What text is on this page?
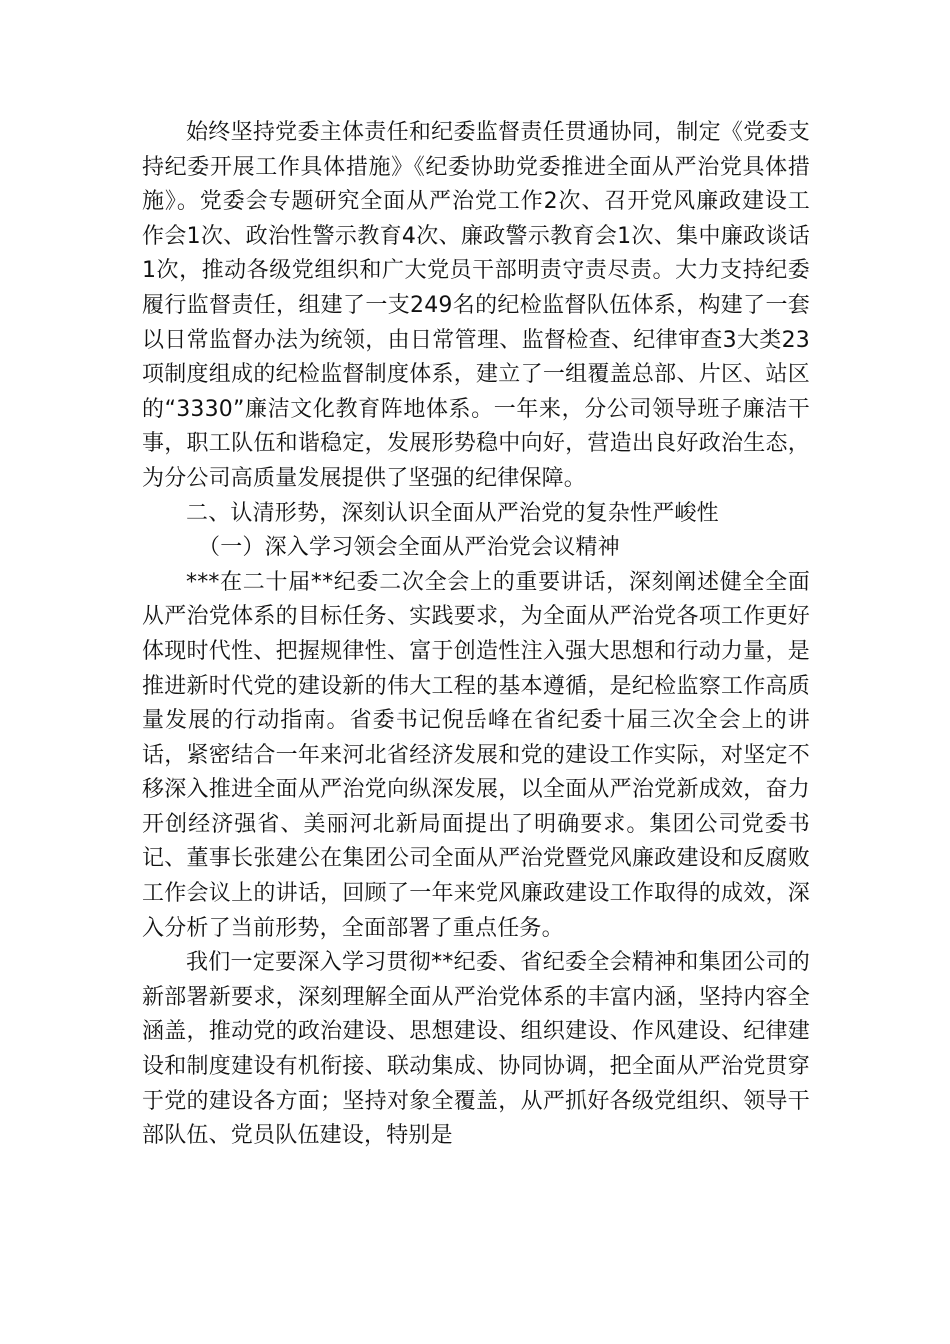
始终坚持党委主体责任和纪委监督责任贯通协同，制定《党委支持纪委开展工作具体措施》《纪委协助党委推进全面从严治党具体措施》。党委会专题研究全面从严治党工作2次、召开党风廉政建设工作会1次、政治性警示教育4次、廉政警示教育会1次、集中廉政谈话1次，推动各级党组织和广大党员干部明责守责尽责。大力支持纪委履行监督责任，组建了一支249名的纪检监督队伍体系，构建了一套以日常监督办法为统领，由日常管理、监督检查、纪律审查3大类23项制度组成的纪检监督制度体系，建立了一组覆盖总部、片区、站区的“3330”廉洁文化教育阵地体系。一年来，分公司领导班子廉洁干事，职工队伍和谐稳定，发展形势稳中向好，营造出良好政治生态，为分公司高质量发展提供了坚强的纪律保障。

二、认清形势，深刻认识全面从严治党的复杂性严峻性

（一）深入学习领会全面从严治党会议精神

***在二十届**纪委二次全会上的重要讲话，深刻阐述健全全面从严治党体系的目标任务、实践要求，为全面从严治党各项工作更好体现时代性、把握规律性、富于创造性注入强大思想和行动力量，是推进新时代党的建设新的伟大工程的基本遵循，是纪检监察工作高质量发展的行动指南。省委书记倪岳峰在省纪委十届三次全会上的讲话，紧密结合一年来河北省经济发展和党的建设工作实际，对坚定不移深入推进全面从严治党向纵深发展，以全面从严治党新成效，奋力开创经济强省、美丽河北新局面提出了明确要求。集团公司党委书记、董事长张建公在集团公司全面从严治党暨党风廉政建设和反腐败工作会议上的讲话，回顾了一年来党风廉政建设工作取得的成效，深入分析了当前形势，全面部署了重点任务。

我们一定要深入学习贯彻**纪委、省纪委全会精神和集团公司的新部署新要求，深刻理解全面从严治党体系的丰富内涵，坚持内容全涵盖，推动党的政治建设、思想建设、组织建设、作风建设、纪律建设和制度建设有机衔接、联动集成、协同协调，把全面从严治党贯穿于党的建设各方面；坚持对象全覆盖，从严抓好各级党组织、领导干部队伍、党员队伍建设，特别是
